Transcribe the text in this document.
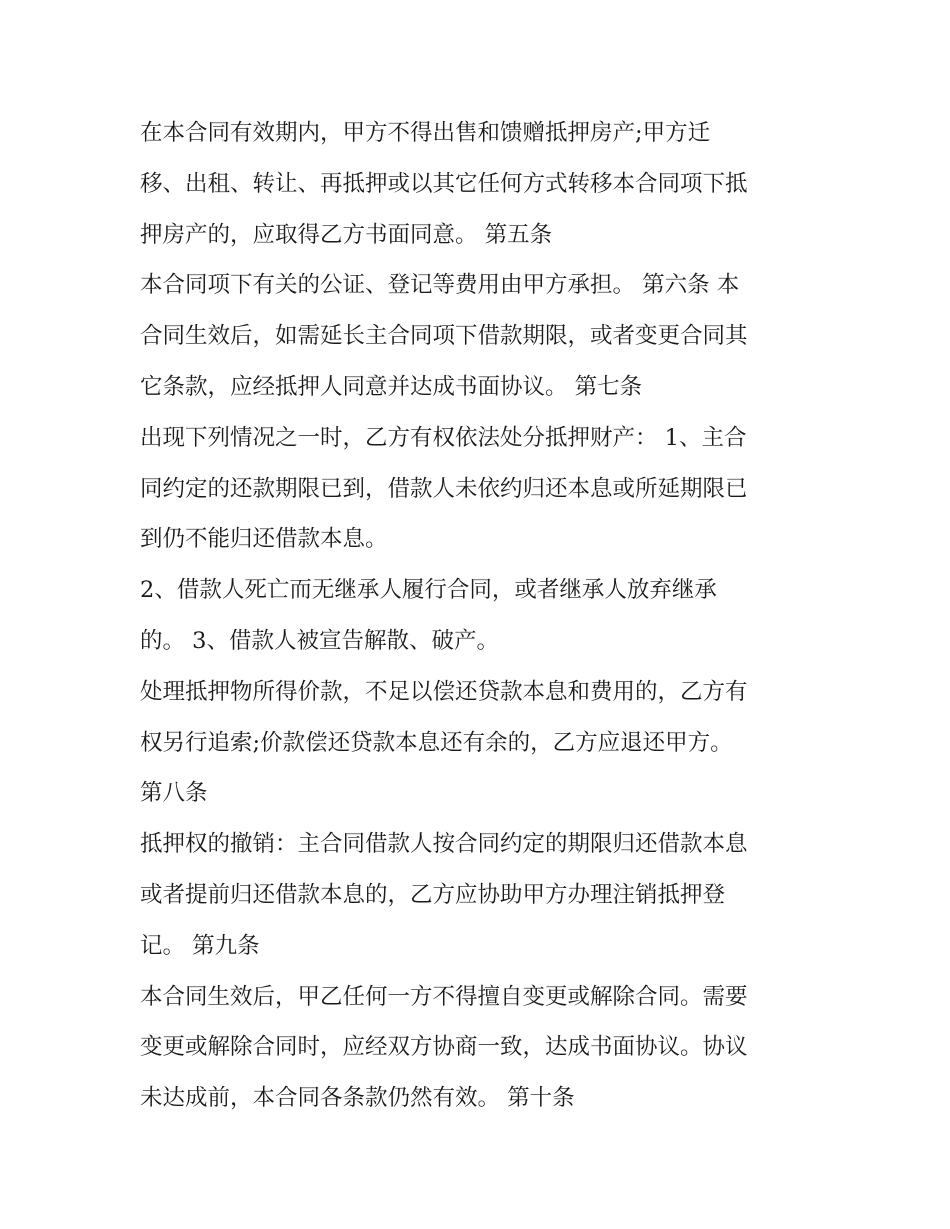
在本合同有效期内，甲方不得出售和馈赠抵押房产;甲方迁
移、出租、转让、再抵押或以其它任何方式转移本合同项下抵
押房产的，应取得乙方书面同意。 第五条
本合同项下有关的公证、登记等费用由甲方承担。 第六条 本
合同生效后，如需延长主合同项下借款期限，或者变更合同其
它条款，应经抵押人同意并达成书面协议。 第七条
出现下列情况之一时，乙方有权依法处分抵押财产： 1、主合
同约定的还款期限已到，借款人未依约归还本息或所延期限已
到仍不能归还借款本息。
2、借款人死亡而无继承人履行合同，或者继承人放弃继承
的。 3、借款人被宣告解散、破产。
处理抵押物所得价款，不足以偿还贷款本息和费用的，乙方有
权另行追索;价款偿还贷款本息还有余的，乙方应退还甲方。
第八条
抵押权的撤销：主合同借款人按合同约定的期限归还借款本息
或者提前归还借款本息的，乙方应协助甲方办理注销抵押登
记。 第九条
本合同生效后，甲乙任何一方不得擅自变更或解除合同。需要
变更或解除合同时，应经双方协商一致，达成书面协议。协议
未达成前，本合同各条款仍然有效。 第十条
